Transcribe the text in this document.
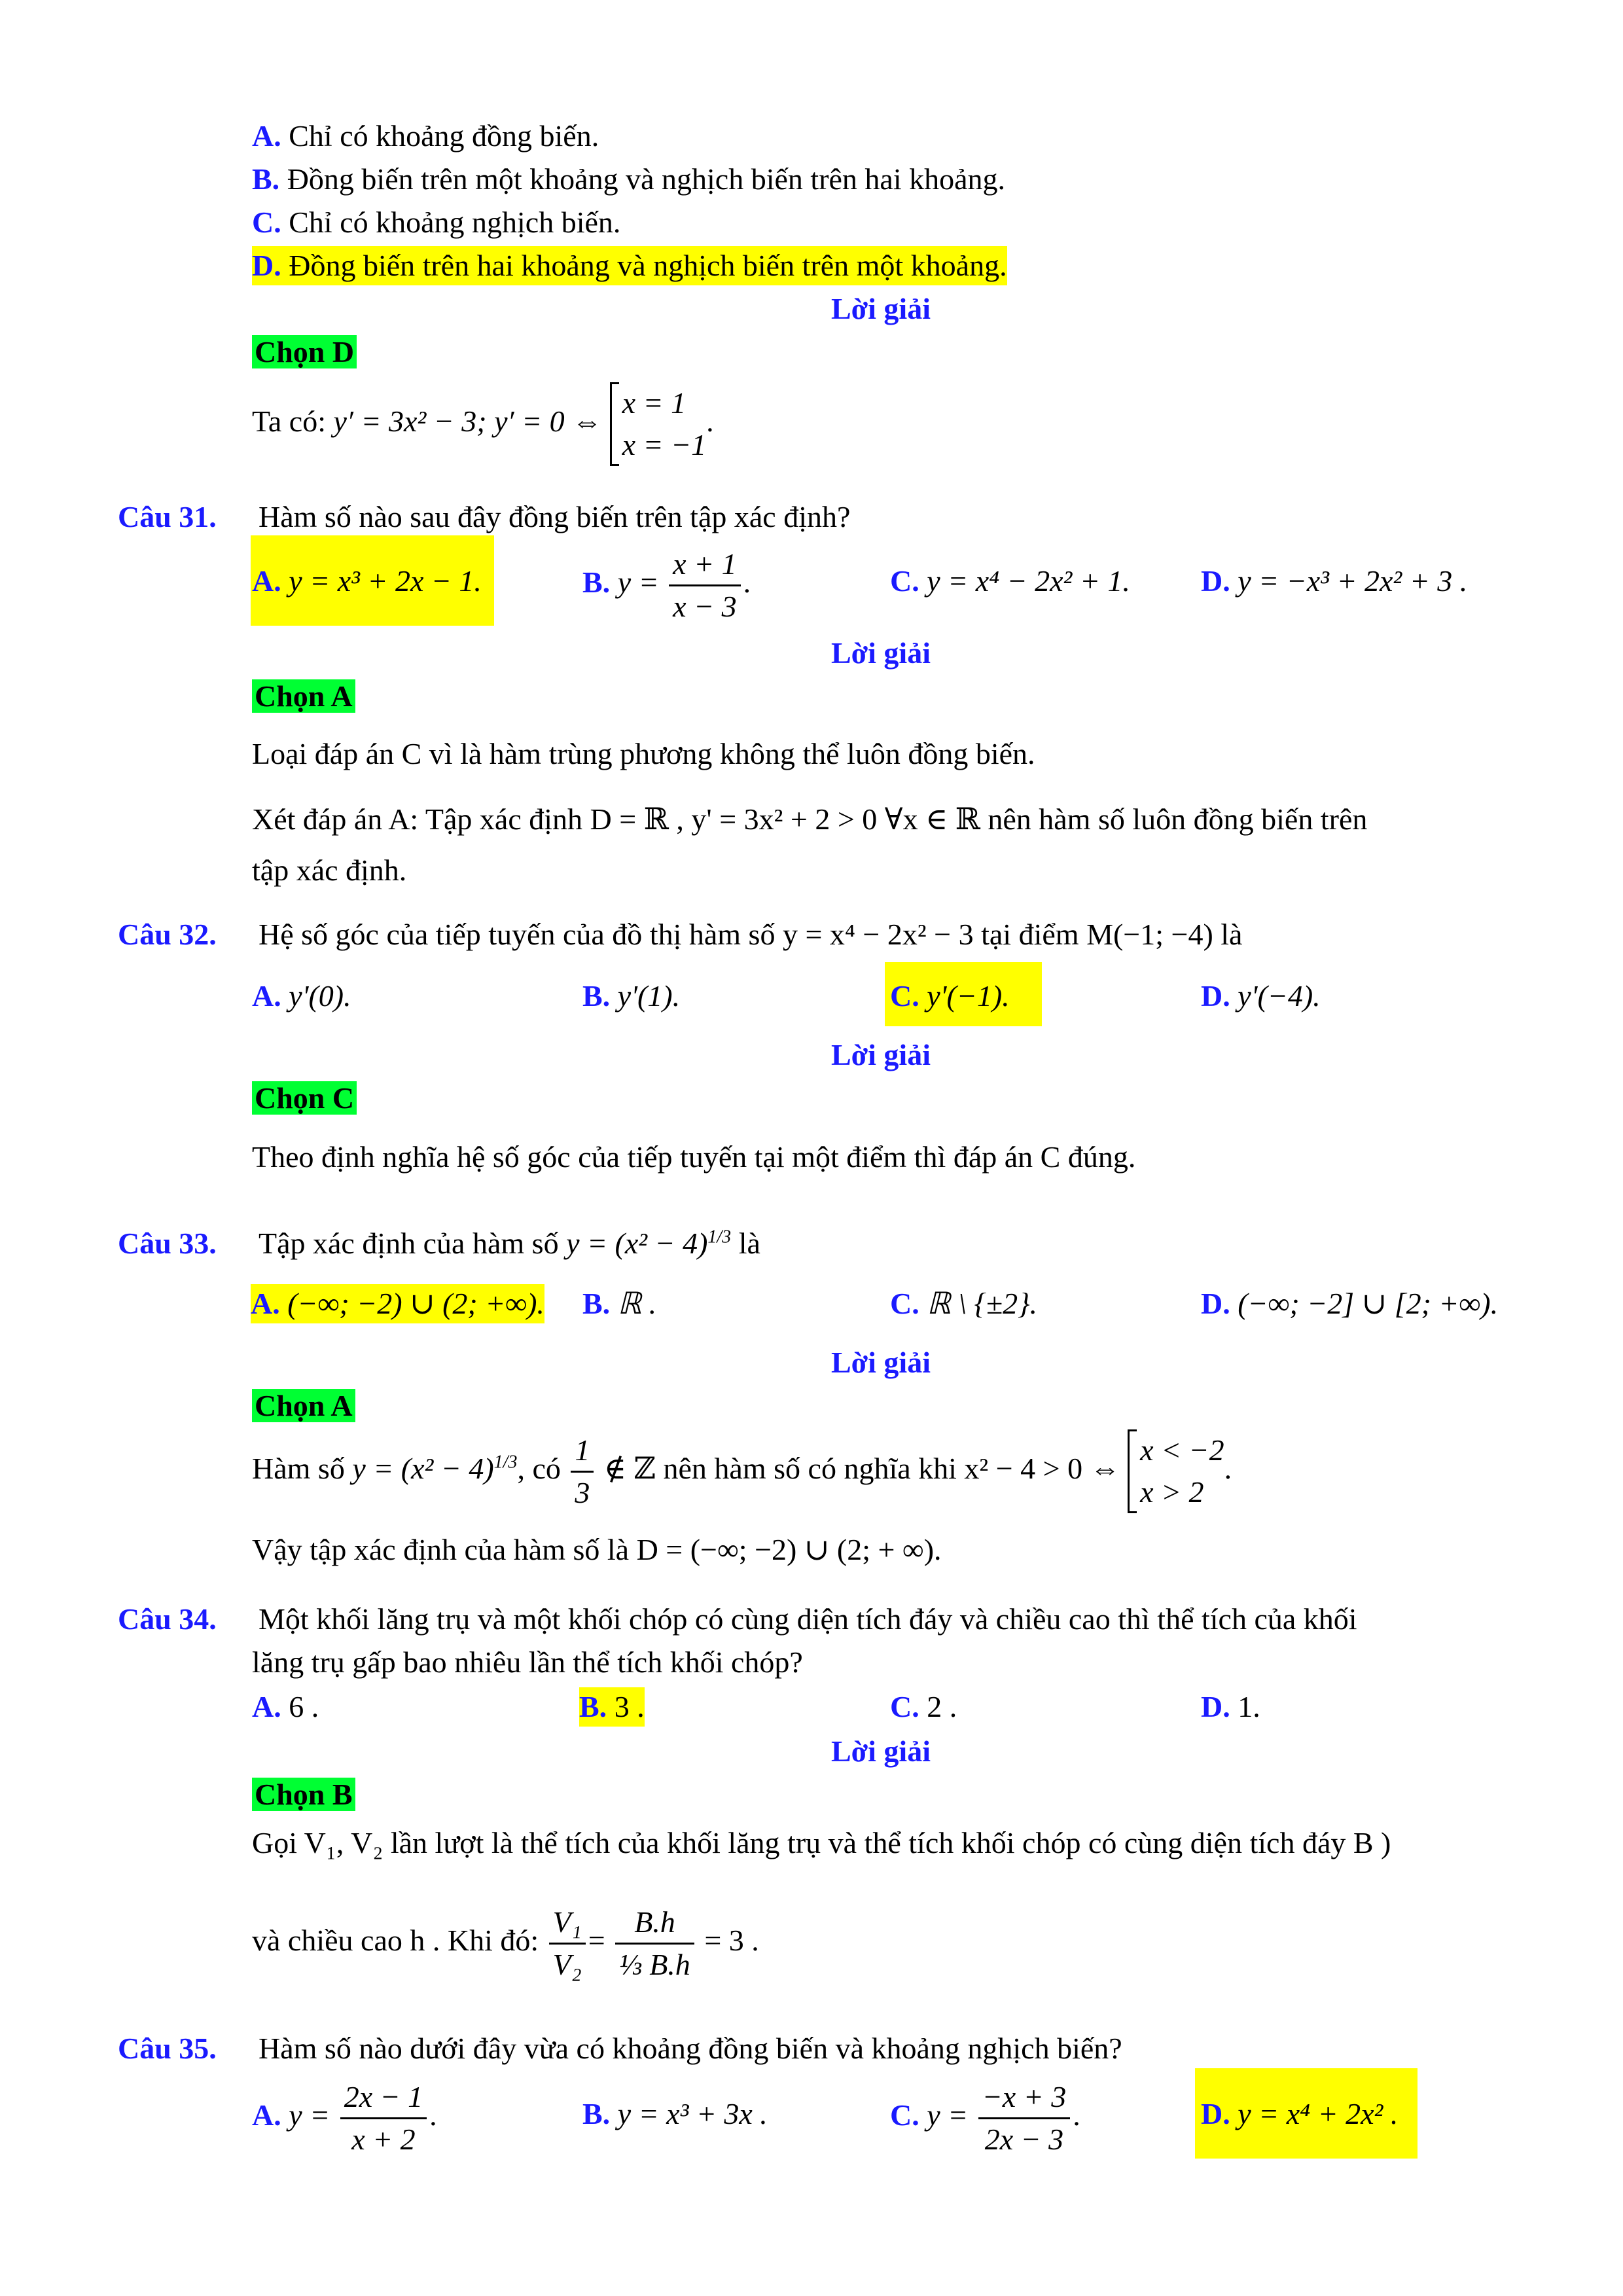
A. Chỉ có khoảng đồng biến.
B. Đồng biến trên một khoảng và nghịch biến trên hai khoảng.
C. Chỉ có khoảng nghịch biến.
D. Đồng biến trên hai khoảng và nghịch biến trên một khoảng.
Lời giải
Chọn D
Ta có: y′ = 3x² − 3; y′ = 0 ⇔
x = 1
x = −1
.
Câu 31. Hàm số nào sau đây đồng biến trên tập xác định?
A. y = x³ + 2x − 1.	B. $y = \frac{x + 1}{x - 3}$ .	C. y = x⁴ − 2x² + 1. D. y = −x³ + 2x² + 3 .
Lời giải
Chọn A
Loại đáp án C vì là hàm trùng phương không thể luôn đồng biến.
Xét đáp án A: Tập xác định D = ℝ , y' = 3x² + 2 > 0 ∀x ∈ ℝ nên hàm số luôn đồng biến trên
tập xác định.
Câu 32. Hệ số góc của tiếp tuyến của đồ thị hàm số y = x⁴ − 2x² − 3 tại điểm M(−1; −4) là
A. y'(0).	B. y'(1).	C. y'(−1).	D. y'(−4).
Lời giải
Chọn C
Theo định nghĩa hệ số góc của tiếp tuyến tại một điểm thì đáp án C đúng.
Câu 33. Tập xác định của hàm số $y = (x^2 - 4)^{1/3}$ là
A. (−∞; −2) ∪ (2; +∞). B. ℝ .	C. ℝ \ {±2}.	D. (−∞; −2] ∪ [2; +∞).
Lời giải
Chọn A
Hàm số $y = (x^2 - 4)^{1/3}$, có $\frac{1}{3}$ ∉ ℤ nên hàm số có nghĩa khi x² − 4 > 0 ⇔
x < −2
x > 2
.
Vậy tập xác định của hàm số là D = (−∞; −2) ∪ (2; + ∞).
Câu 34. Một khối lăng trụ và một khối chóp có cùng diện tích đáy và chiều cao thì thể tích của khối
lăng trụ gấp bao nhiêu lần thể tích khối chóp?
A. 6 .	B. 3 .	C. 2 .	D. 1.
Lời giải
Chọn B
Gọi V₁, V₂ lần lượt là thể tích của khối lăng trụ và thể tích khối chóp có cùng diện tích đáy B )
và chiều cao h . Khi đó: $\frac{\text{V₁}}{\text{V₂}} = \frac{B.h}{\text{⅓ B.h}} = 3$ .
Câu 35. Hàm số nào dưới đây vừa có khoảng đồng biến và khoảng nghịch biến?
A. $y = \frac{2x - 1}{x + 2}$ .	B. y = x³ + 3x .	C. $y = \frac{-x + 3}{2x - 3}$ .	D. y = x⁴ + 2x² .
